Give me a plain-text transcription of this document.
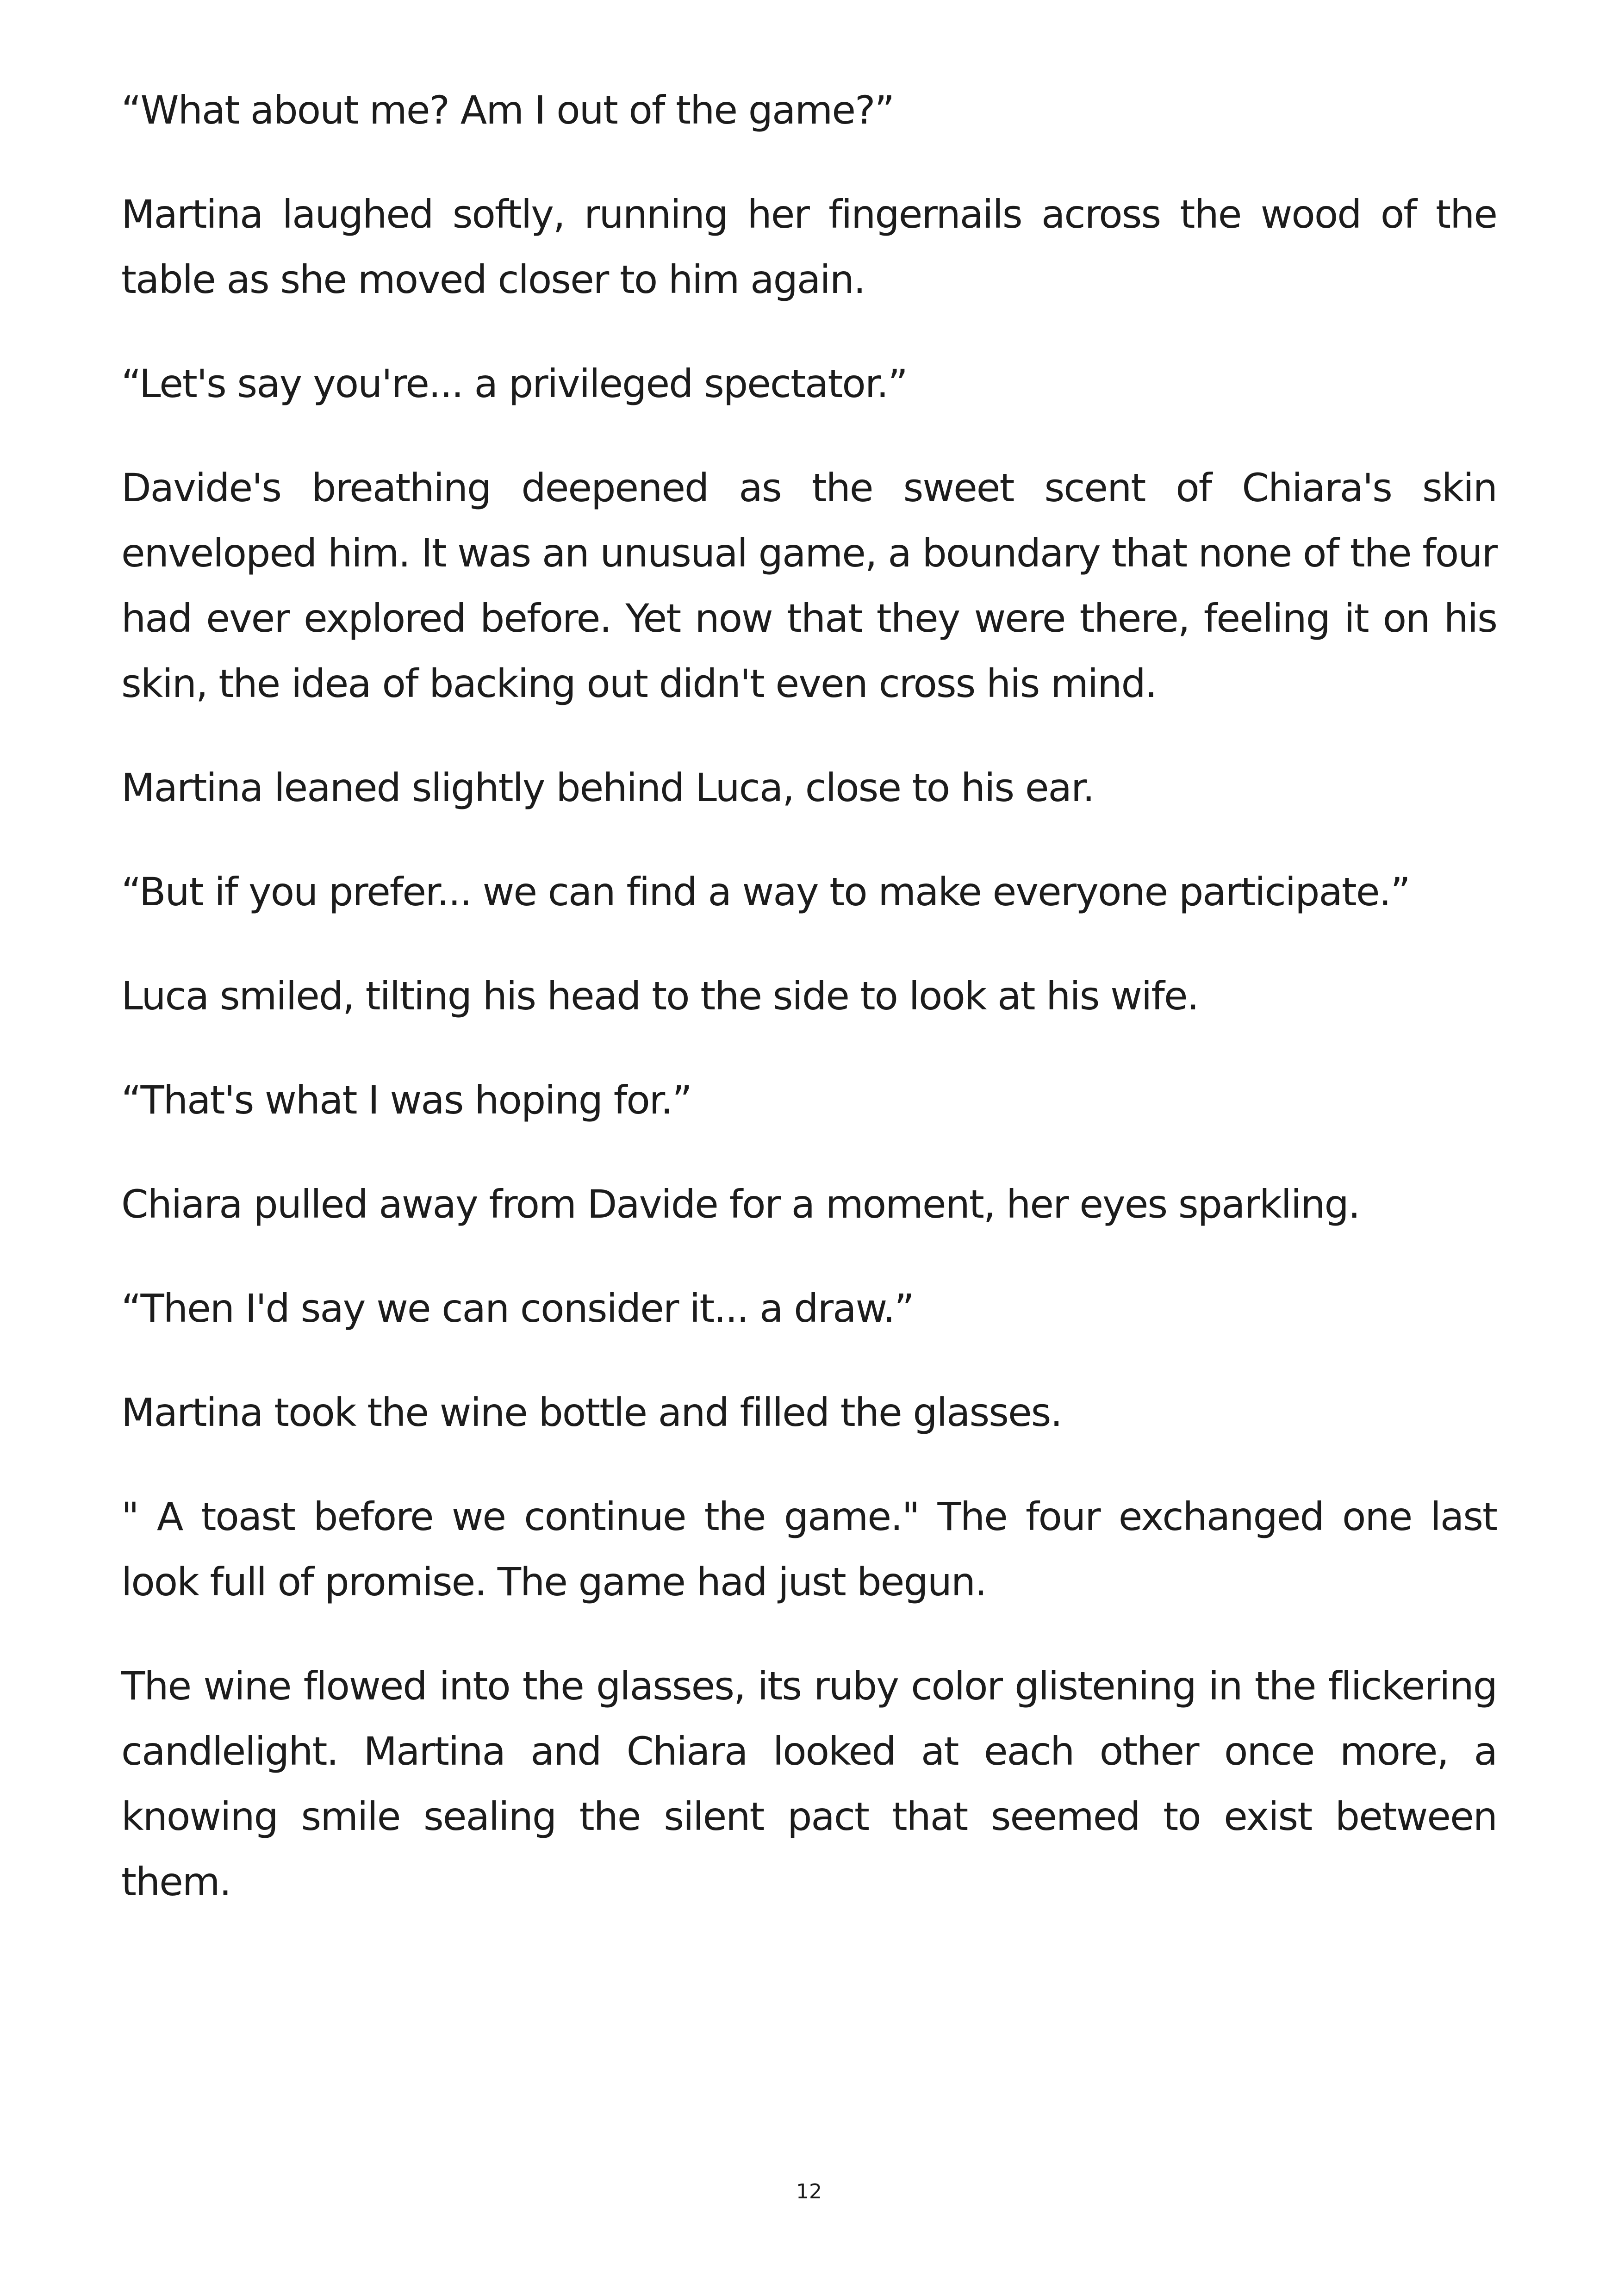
“What about me? Am I out of the game?”

Martina laughed softly, running her fingernails across the wood of the table as she moved closer to him again.

“Let's say you're... a privileged spectator.”

Davide's breathing deepened as the sweet scent of Chiara's skin enveloped him. It was an unusual game, a boundary that none of the four had ever explored before. Yet now that they were there, feeling it on his skin, the idea of backing out didn't even cross his mind.

Martina leaned slightly behind Luca, close to his ear.

“But if you prefer... we can find a way to make everyone participate.”

Luca smiled, tilting his head to the side to look at his wife.

“That's what I was hoping for.”

Chiara pulled away from Davide for a moment, her eyes sparkling.

“Then I'd say we can consider it... a draw.”

Martina took the wine bottle and filled the glasses.

" A toast before we continue the game." The four exchanged one last look full of promise. The game had just begun.

The wine flowed into the glasses, its ruby color glistening in the flickering candlelight. Martina and Chiara looked at each other once more, a knowing smile sealing the silent pact that seemed to exist between them.

12
